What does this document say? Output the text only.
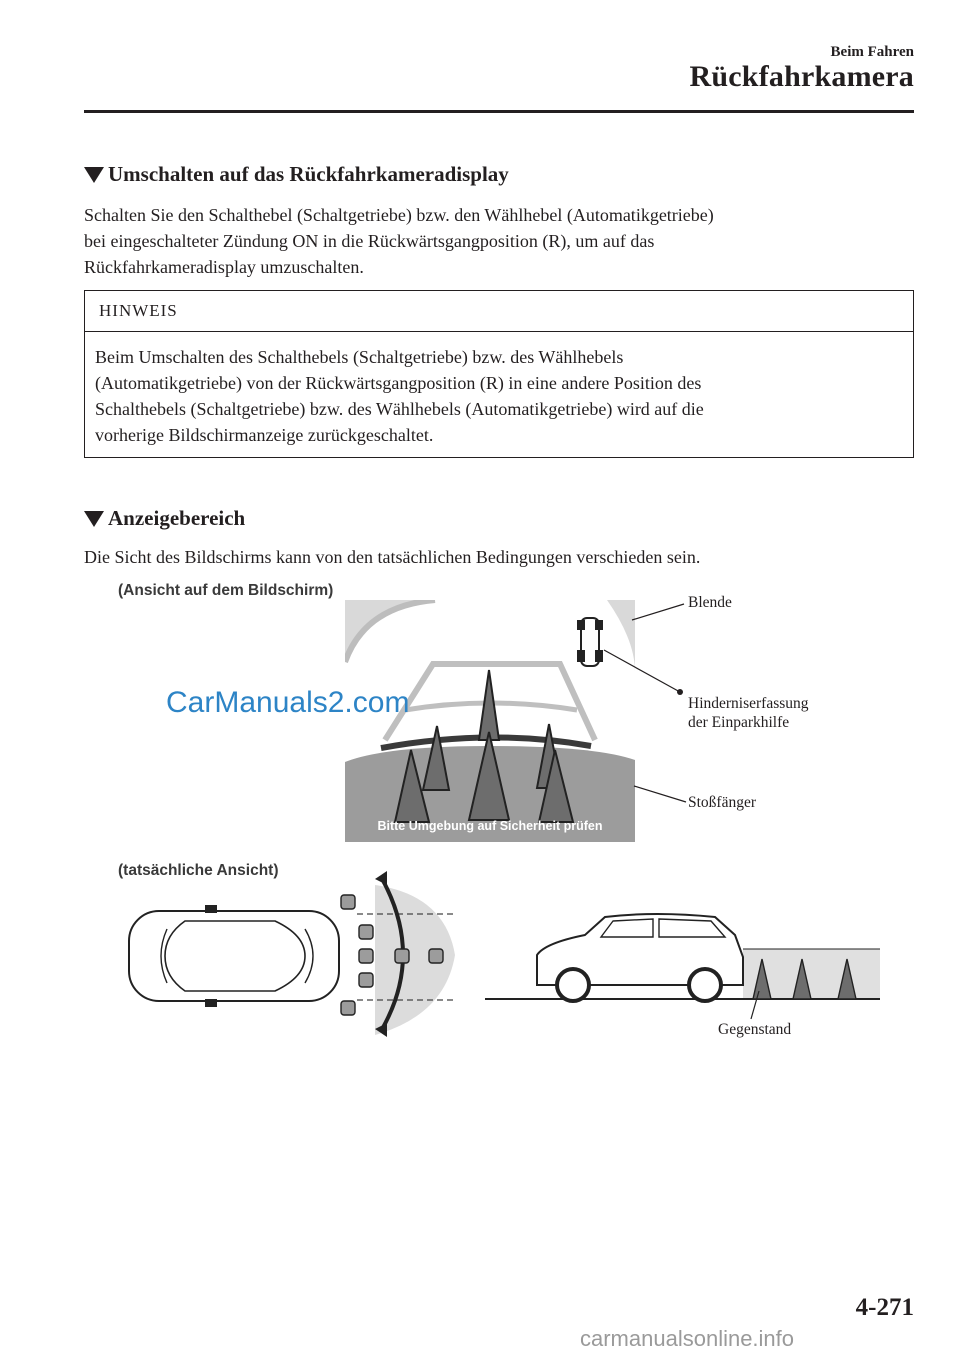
Beim Fahren
Rückfahrkamera
Umschalten auf das Rückfahrkameradisplay
Schalten Sie den Schalthebel (Schaltgetriebe) bzw. den Wählhebel (Automatikgetriebe)
bei eingeschalteter Zündung ON in die Rückwärtsgangposition (R), um auf das
Rückfahrkameradisplay umzuschalten.
HINWEIS
Beim Umschalten des Schalthebels (Schaltgetriebe) bzw. des Wählhebels
(Automatikgetriebe) von der Rückwärtsgangposition (R) in eine andere Position des
Schalthebels (Schaltgetriebe) bzw. des Wählhebels (Automatikgetriebe) wird auf die
vorherige Bildschirmanzeige zurückgeschaltet.
Anzeigebereich
Die Sicht des Bildschirms kann von den tatsächlichen Bedingungen verschieden sein.
(Ansicht auf dem Bildschirm)
(tatsächliche Ansicht)
Bitte Umgebung auf Sicherheit prüfen
Blende
Hinderniserfassung
der Einparkhilfe
Stoßfänger
Gegenstand
CarManuals2.com
carmanualsonline.info
4-271
